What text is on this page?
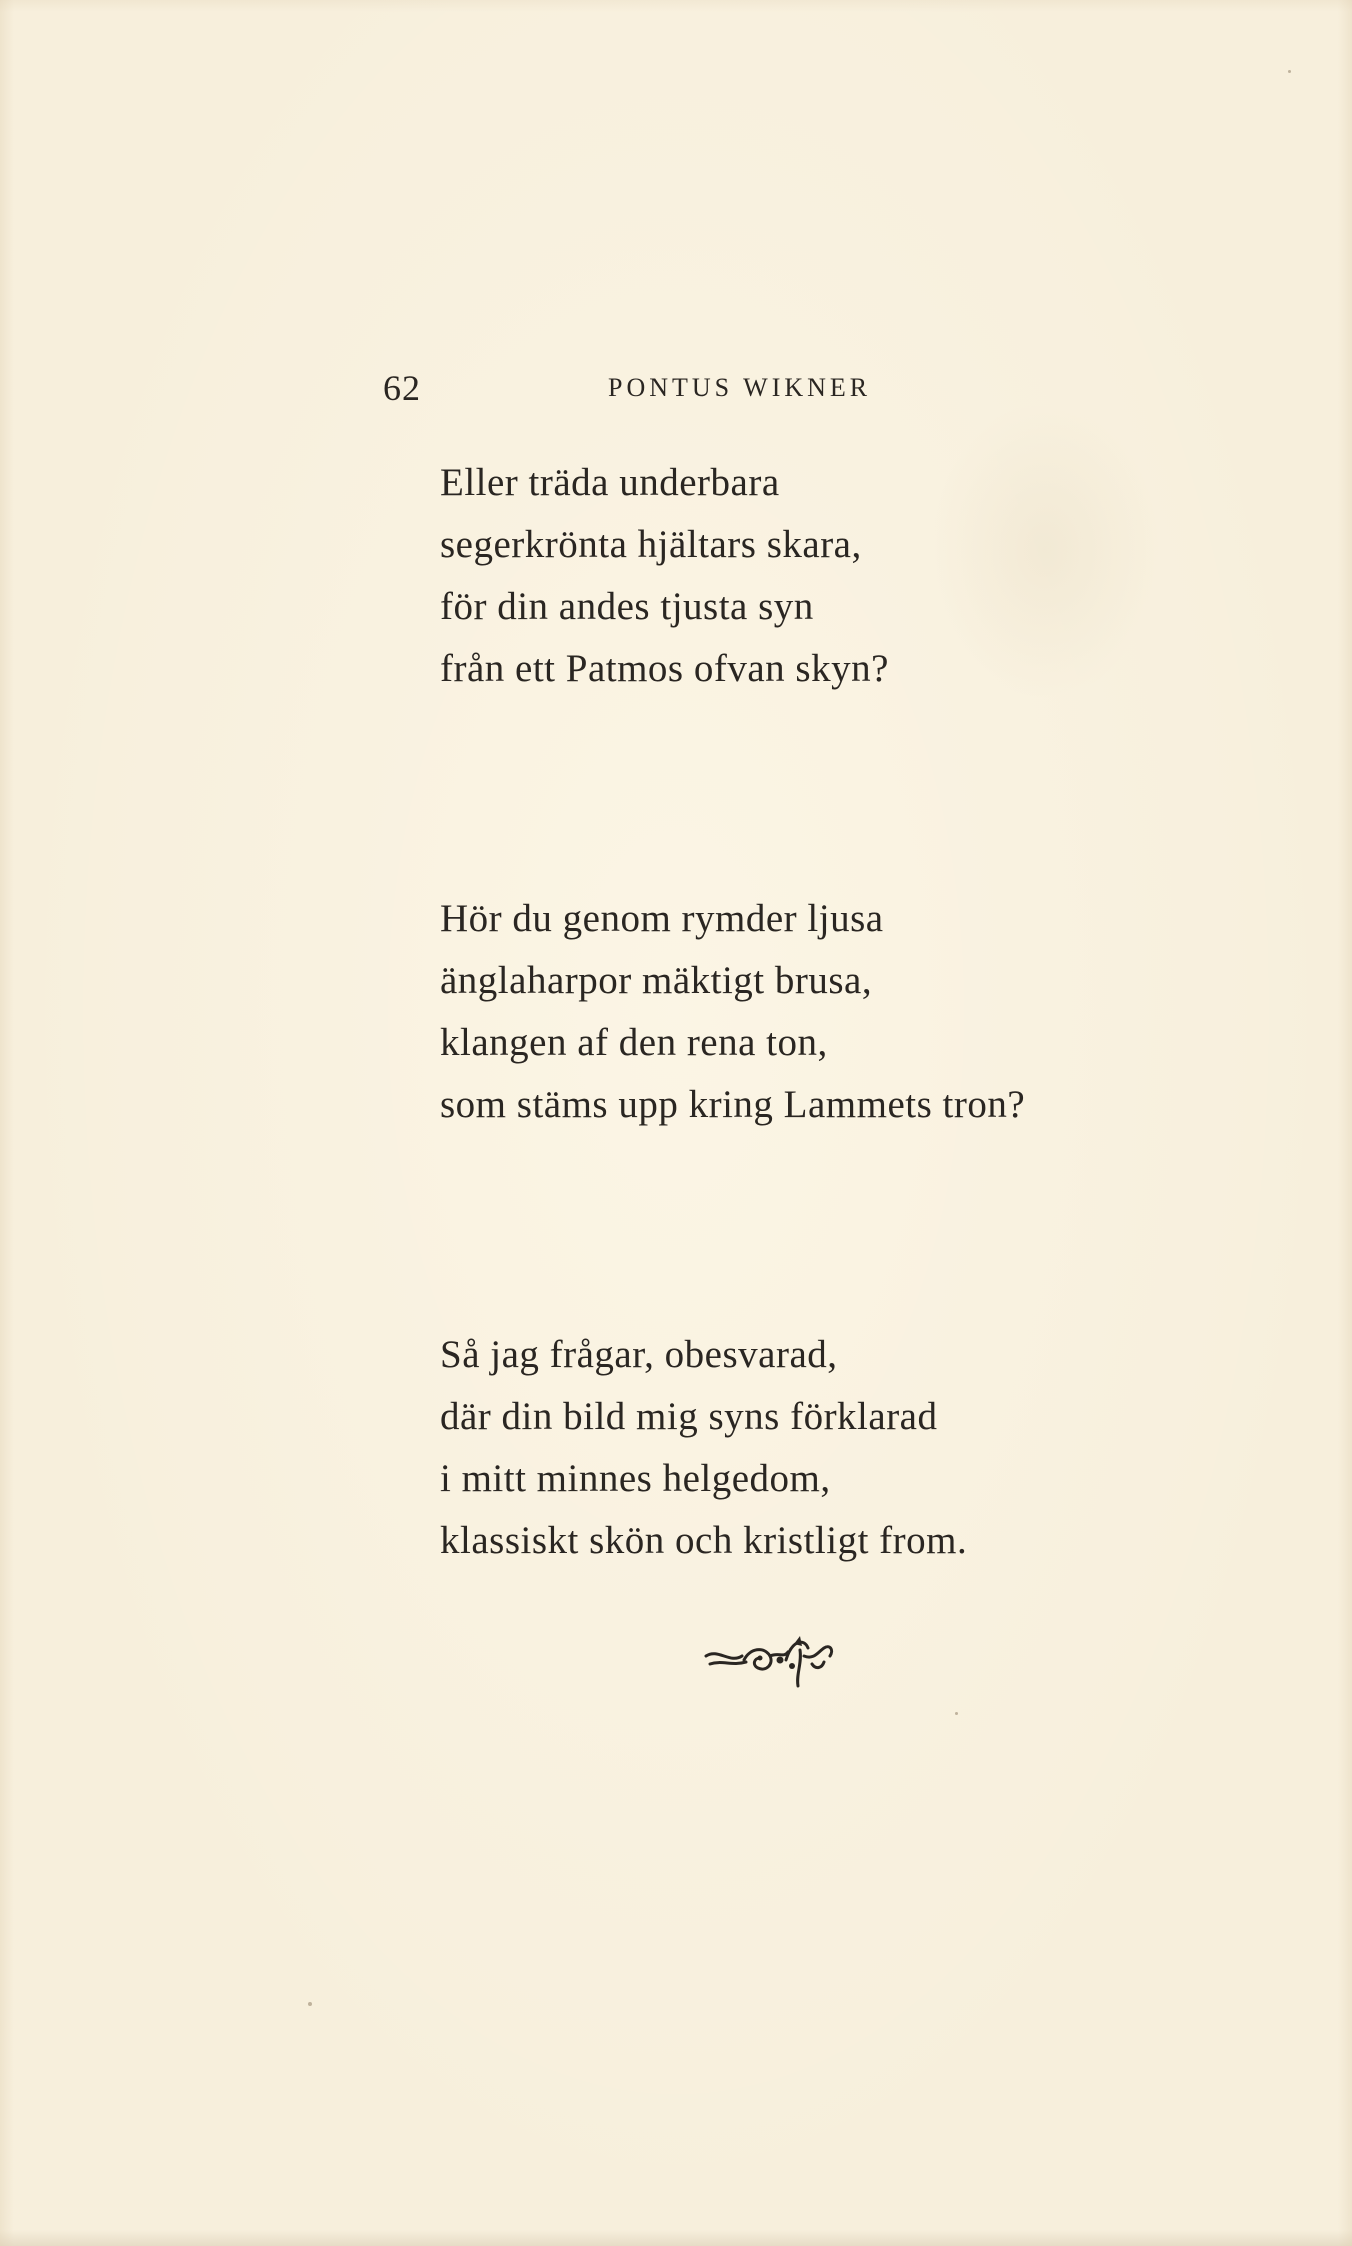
62	PONTUS WIKNER
Eller träda underbara
segerkrönta hjältars skara,
för din andes tjusta syn
från ett Patmos ofvan skyn?
Hör du genom rymder ljusa
änglaharpor mäktigt brusa,
klangen af den rena ton,
som stäms upp kring Lammets tron?
Så jag frågar, obesvarad,
där din bild mig syns förklarad
i mitt minnes helgedom,
klassiskt skön och kristligt from.
